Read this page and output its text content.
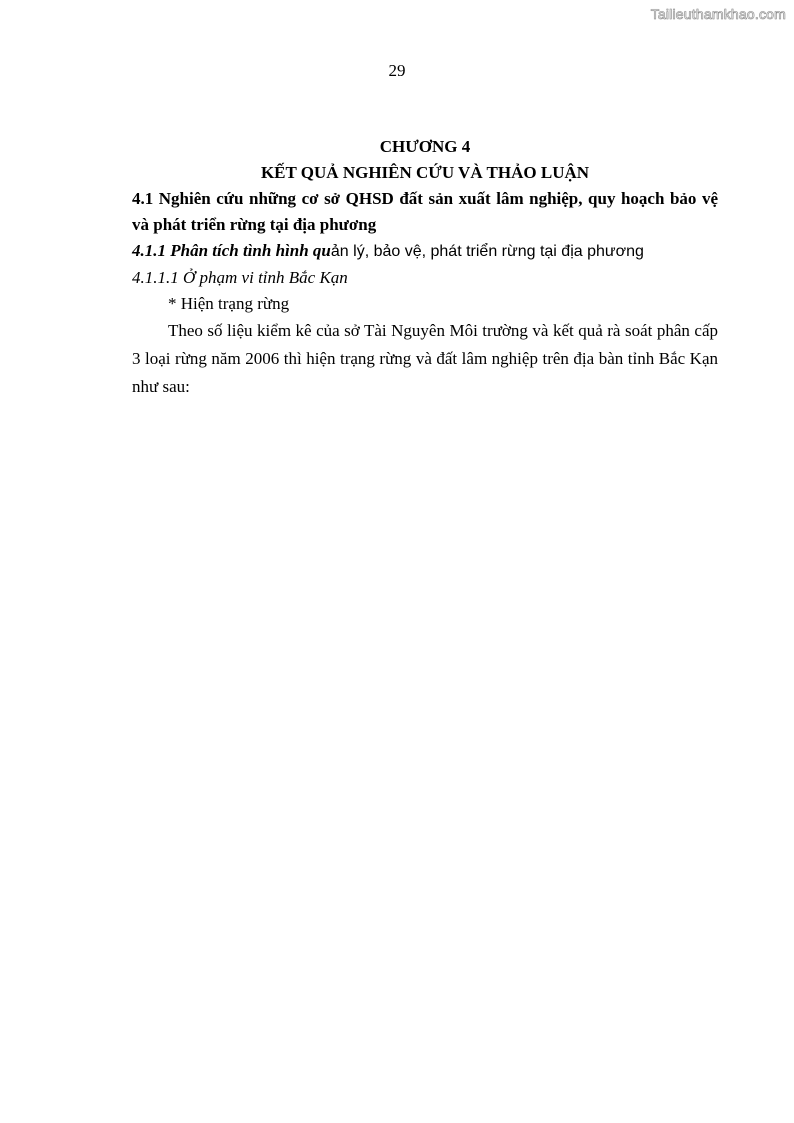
Tailieuthamkhao.com
29

CHƯƠNG 4

KẾT QUẢ NGHIÊN CỨU VÀ THẢO LUẬN

4.1 Nghiên cứu những cơ sở QHSD đất sản xuất lâm nghiệp, quy hoạch bảo vệ và phát triển rừng tại địa phương

4.1.1 Phân tích tình hình quản lý, bảo vệ, phát triển rừng tại địa phương

4.1.1.1 Ở phạm vi tỉnh Bắc Kạn

* Hiện trạng rừng

Theo số liệu kiểm kê của sở Tài Nguyên Môi trường và kết quả rà soát phân cấp 3 loại rừng năm 2006 thì hiện trạng rừng và đất lâm nghiệp trên địa bàn tỉnh Bắc Kạn như sau:
